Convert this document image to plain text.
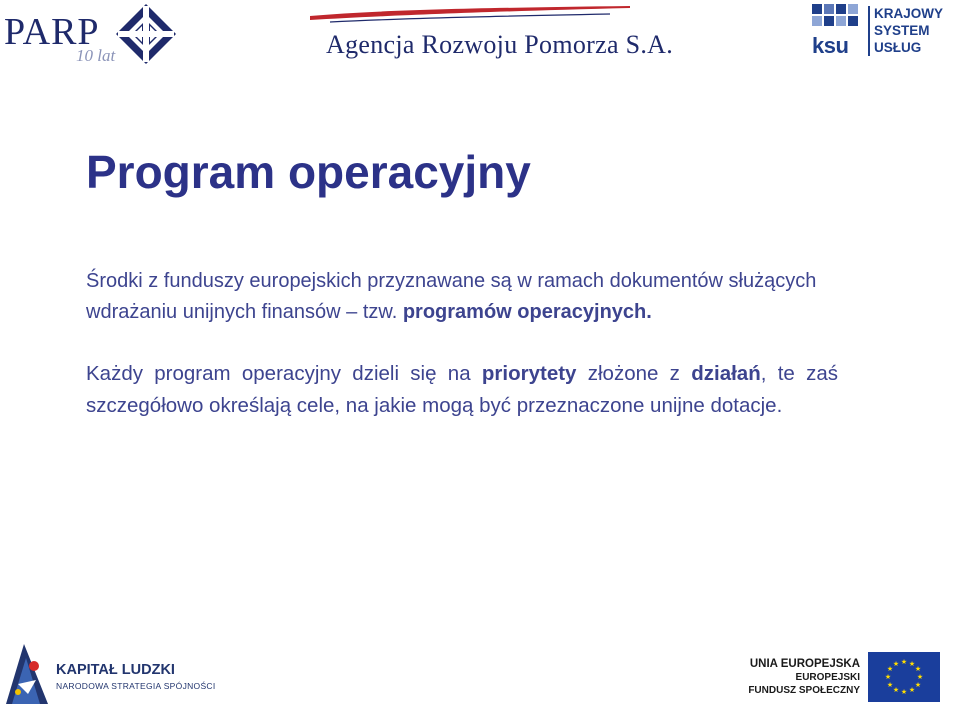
PARP
10 lat	Agencja Rozwoju Pomorza S.A.	ksu
KRAJOWY
SYSTEM
USŁUG
Program operacyjny

Środki z funduszy europejskich przyznawane są w ramach dokumentów służących wdrażaniu unijnych finansów – tzw. programów operacyjnych.

Każdy program operacyjny dzieli się na priorytety złożone z działań, te zaś szczegółowo określają cele, na jakie mogą być przeznaczone unijne dotacje.

KAPITAŁ LUDZKI
NARODOWA STRATEGIA SPÓJNOŚCI
UNIA EUROPEJSKA
EUROPEJSKI
FUNDUSZ SPOŁECZNY
★ ★
★
★
★
★
★
★
★
★
★
★
